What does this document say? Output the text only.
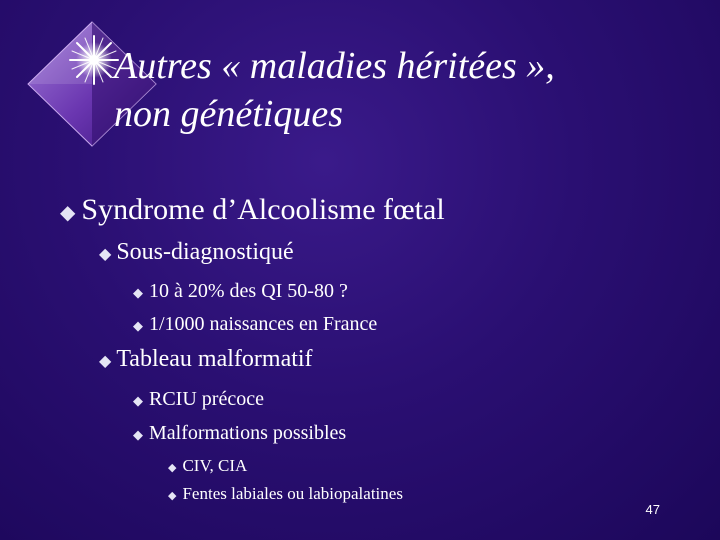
Autres « maladies héritées »,
non génétiques
◆ Syndrome d’Alcoolisme fœtal
◆ Sous-diagnostiqué
◆ 10 à 20% des QI 50-80 ?
◆ 1/1000 naissances en France
◆ Tableau malformatif
◆ RCIU précoce
◆ Malformations possibles
◆ CIV, CIA
◆ Fentes labiales ou labiopalatines
47
